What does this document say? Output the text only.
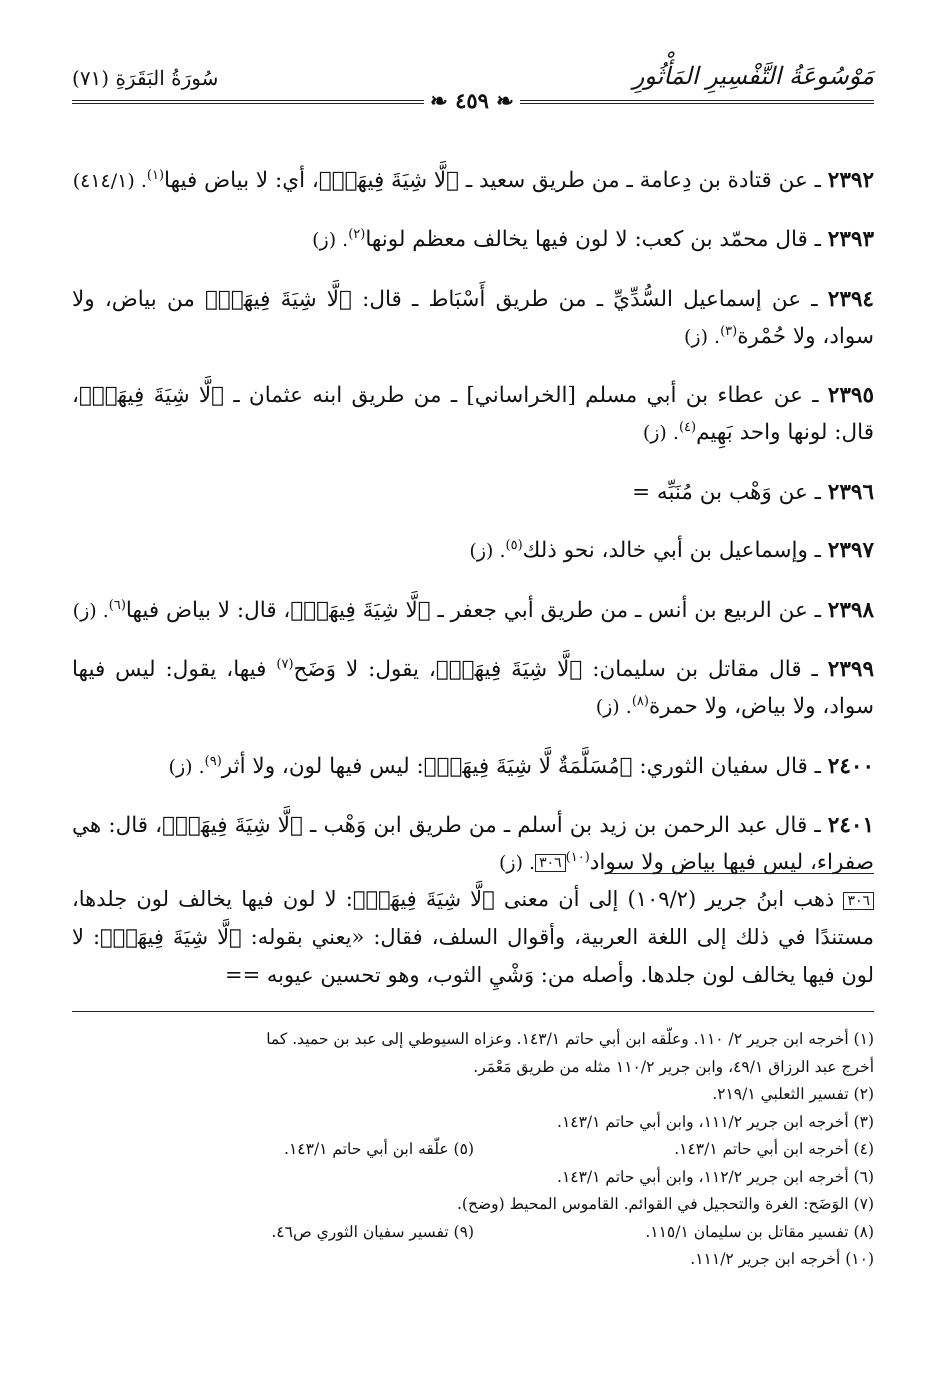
مَوْسُوعَةُ التَّفْسِيرِ المَأْثُورِ
سُورَةُ البَقَرَةِ (٧١)
❧ ٤٥٩ ❧

٢٣٩٢ ـ عن قتادة بن دِعامة ـ من طريق سعيد ـ ﴿لَّا شِيَةَ فِيهَاۚ﴾، أي: لا بياض فيها$^{(١)}$. (٤١٤/١)

٢٣٩٣ ـ قال محمّد بن كعب: لا لون فيها يخالف معظم لونها$^{(٢)}$. (ز)

٢٣٩٤ ـ عن إسماعيل السُّدِّيِّ ـ من طريق أَسْبَاط ـ قال: ﴿لَّا شِيَةَ فِيهَاۚ﴾ من بياض، ولا سواد، ولا حُمْرة$^{(٣)}$. (ز)

٢٣٩٥ ـ عن عطاء بن أبي مسلم [الخراساني] ـ من طريق ابنه عثمان ـ ﴿لَّا شِيَةَ فِيهَاۚ﴾، قال: لونها واحد بَهِيم$^{(٤)}$. (ز)

٢٣٩٦ ـ عن وَهْب بن مُنَبِّه =

٢٣٩٧ ـ وإسماعيل بن أبي خالد، نحو ذلك$^{(٥)}$. (ز)

٢٣٩٨ ـ عن الربيع بن أنس ـ من طريق أبي جعفر ـ ﴿لَّا شِيَةَ فِيهَاۚ﴾، قال: لا بياض فيها$^{(٦)}$. (ز)

٢٣٩٩ ـ قال مقاتل بن سليمان: ﴿لَّا شِيَةَ فِيهَاۚ﴾، يقول: لا وَضَح$^{(٧)}$ فيها، يقول: ليس فيها سواد، ولا بياض، ولا حمرة$^{(٨)}$. (ز)

٢٤٠٠ ـ قال سفيان الثوري: ﴿مُسَلَّمَةٌ لَّا شِيَةَ فِيهَاۚ﴾: ليس فيها لون، ولا أثر$^{(٩)}$. (ز)

٢٤٠١ ـ قال عبد الرحمن بن زيد بن أسلم ـ من طريق ابن وَهْب ـ ﴿لَّا شِيَةَ فِيهَاۚ﴾، قال: هي صفراء، ليس فيها بياض ولا سواد$^{(١٠)}$٣٠٦. (ز)

٣٠٦ ذهب ابنُ جرير (١٠٩/٢) إلى أن معنى ﴿لَّا شِيَةَ فِيهَاۚ﴾: لا لون فيها يخالف لون جلدها، مستندًا في ذلك إلى اللغة العربية، وأقوال السلف، فقال: «يعني بقوله: ﴿لَّا شِيَةَ فِيهَاۚ﴾: لا لون فيها يخالف لون جلدها. وأصله من: وَشْيِ الثوب، وهو تحسين عيوبه ==
(١) أخرجه ابن جرير ٢/ ١١٠. وعلّقه ابن أبي حاتم ١٤٣/١. وعزاه السيوطي إلى عبد بن حميد. كما
أخرج عبد الرزاق ٤٩/١، وابن جرير ١١٠/٢ مثله من طريق مَعْمَر.
(٢) تفسير الثعلبي ٢١٩/١.
(٣) أخرجه ابن جرير ١١١/٢، وابن أبي حاتم ١٤٣/١.
(٤) أخرجه ابن أبي حاتم ١٤٣/١.(٥) علّقه ابن أبي حاتم ١٤٣/١.
(٦) أخرجه ابن جرير ١١٢/٢، وابن أبي حاتم ١٤٣/١.
(٧) الوَضَح: الغرة والتحجيل في القوائم. القاموس المحيط (وضح).
(٨) تفسير مقاتل بن سليمان ١١٥/١.(٩) تفسير سفيان الثوري ص٤٦.
(١٠) أخرجه ابن جرير ١١١/٢.
